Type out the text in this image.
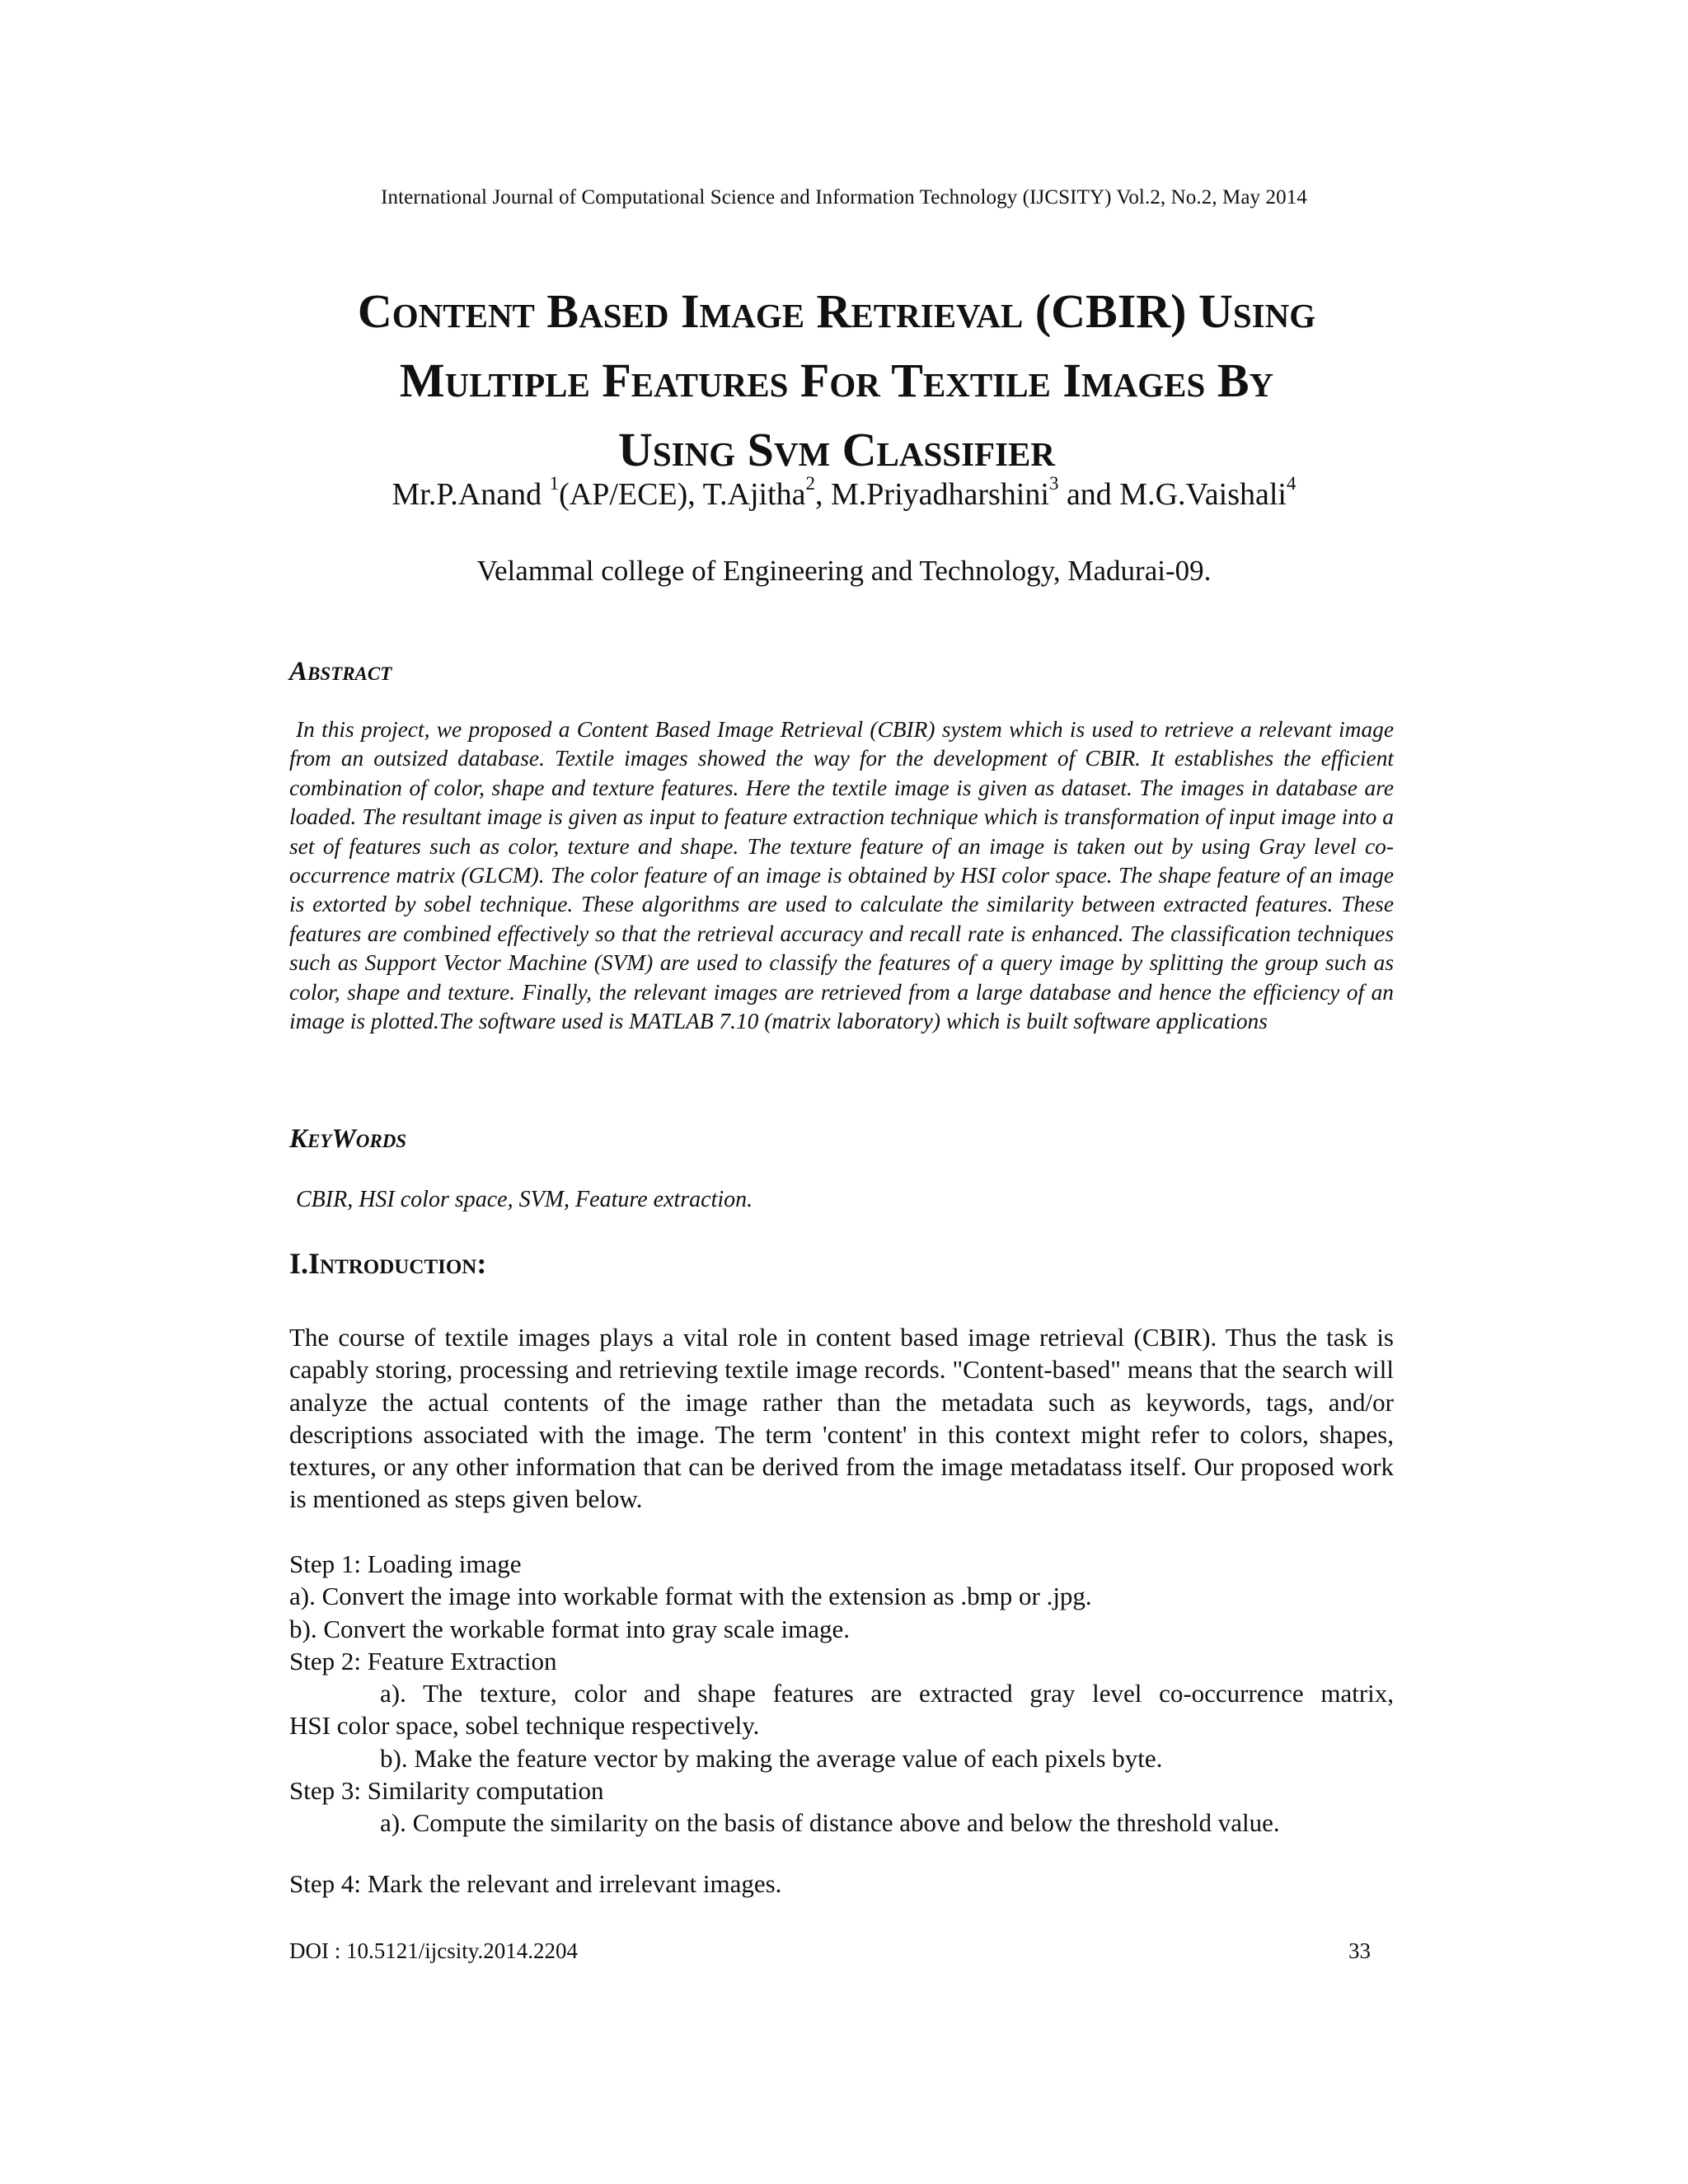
International Journal of Computational Science and Information Technology (IJCSITY) Vol.2, No.2, May 2014
Content Based Image Retrieval (CBIR) Using
Multiple Features For Textile Images By
Using Svm Classifier
Mr.P.Anand $^1$(AP/ECE), T.Ajitha$^2$, M.Priyadharshini$^3$ and M.G.Vaishali$^4$
Velammal college of Engineering and Technology, Madurai-09.
Abstract
In this project, we proposed a Content Based Image Retrieval (CBIR) system which is used to retrieve a relevant image from an outsized database. Textile images showed the way for the development of CBIR. It establishes the efficient combination of color, shape and texture features. Here the textile image is given as dataset. The images in database are loaded. The resultant image is given as input to feature extraction technique which is transformation of input image into a set of features such as color, texture and shape. The texture feature of an image is taken out by using Gray level co-occurrence matrix (GLCM). The color feature of an image is obtained by HSI color space. The shape feature of an image is extorted by sobel technique. These algorithms are used to calculate the similarity between extracted features. These features are combined effectively so that the retrieval accuracy and recall rate is enhanced. The classification techniques such as Support Vector Machine (SVM) are used to classify the features of a query image by splitting the group such as color, shape and texture. Finally, the relevant images are retrieved from a large database and hence the efficiency of an image is plotted.The software used is MATLAB 7.10 (matrix laboratory) which is built software applications
KeyWords
CBIR, HSI color space, SVM, Feature extraction.
I.Introduction:
The course of textile images plays a vital role in content based image retrieval (CBIR). Thus the task is capably storing, processing and retrieving textile image records. "Content-based" means that the search will analyze the actual contents of the image rather than the metadata such as keywords, tags, and/or descriptions associated with the image. The term 'content' in this context might refer to colors, shapes, textures, or any other information that can be derived from the image metadatass itself. Our proposed work is mentioned as steps given below.
Step 1: Loading image
a). Convert the image into workable format with the extension as .bmp or .jpg.
b). Convert the workable format into gray scale image.
Step 2: Feature Extraction
a). The texture, color and shape features are extracted gray level co-occurrence matrix,
HSI color space, sobel technique respectively.
b). Make the feature vector by making the average value of each pixels byte.
Step 3: Similarity computation
a). Compute the similarity on the basis of distance above and below the threshold value.
Step 4: Mark the relevant and irrelevant images.
DOI : 10.5121/ijcsity.2014.2204	33
